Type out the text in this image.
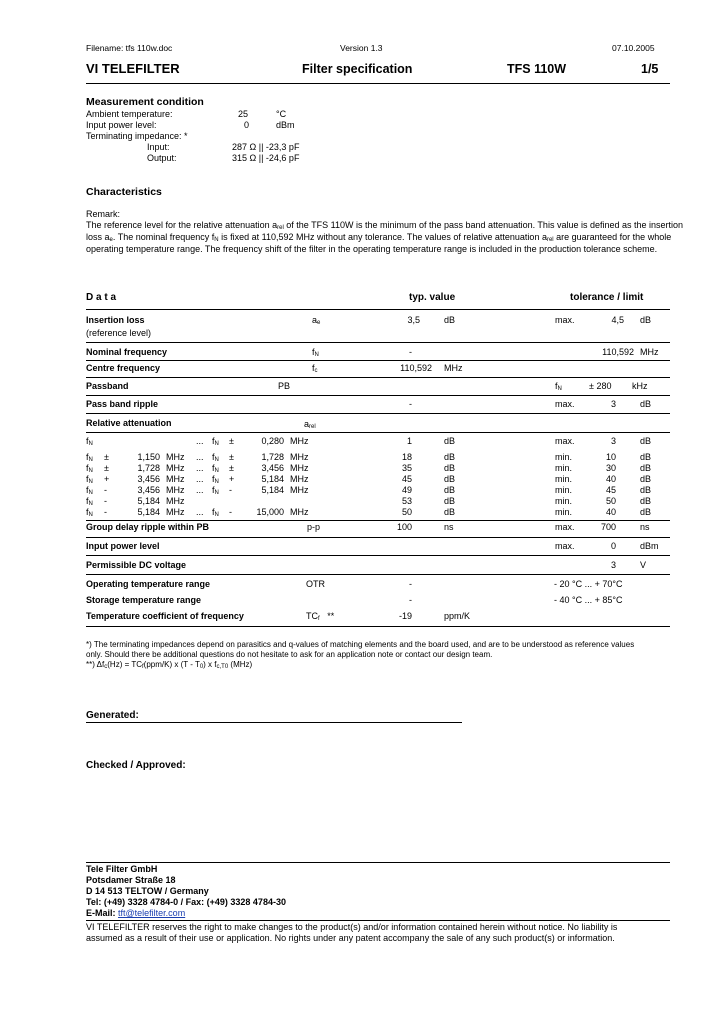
Filename: tfs 110w.doc	Version 1.3	07.10.2005
VI TELEFILTER	Filter specification	TFS 110W	1/5
Measurement condition
Ambient temperature:	25	°C
Input power level:	0	dBm
Terminating impedance: *
Input:	287 Ω || -23,3 pF
Output:	315 Ω || -24,6 pF
Characteristics
Remark:
The reference level for the relative attenuation $a_{rel}$ of the TFS 110W is the minimum of the pass band attenuation. This value is defined as the insertion
loss $a_e$. The nominal frequency $f_N$ is fixed at 110,592 MHz without any tolerance. The values of relative attenuation $a_{rel}$ are guaranteed for the whole
operating temperature range. The frequency shift of the filter in the operating temperature range is included in the production tolerance scheme.
D a t a	typ. value	tolerance / limit
Insertion loss
(reference level)
$a_e$	3,5	dB	max.	4,5 dB
Nominal frequency	$f_N$	-	110,592 MHz
Centre frequency	$f_c$	110,592 MHz
Passband	PB	$f_N$	± 280 kHz
Pass band ripple	-	max.	3	dB
Relative attenuation	$a_{rel}$
$f_N$	... $f_N$ ±	0,280 MHz	1	dB	max.	3	dB
$f_N$ ±	1,150 MHz ... $f_N$ ±	1,728 MHz	18	dB	min.	10	dB
$f_N$ ±	1,728 MHz ... $f_N$ ±	3,456 MHz	35	dB	min.	30	dB
$f_N$ +	3,456 MHz ... $f_N$ +	5,184 MHz	45	dB	min.	40	dB
$f_N$ -	3,456 MHz ... $f_N$ -	5,184 MHz	49	dB	min.	45	dB
$f_N$ -	5,184 MHz	53	dB	min.	50	dB
$f_N$ -	5,184 MHz ... $f_N$ -	15,000 MHz	50	dB	min.	40	dB
Group delay ripple within PB	p-p	100	ns	max.	700	ns
Input power level	max.	0	dBm
Permissible DC voltage	3	V
Operating temperature range	OTR	-	- 20 °C ... + 70°C
Storage temperature range	-	- 40 °C ... + 85°C
Temperature coefficient of frequency	$TC_f$ **	-19	ppm/K
*) The terminating impedances depend on parasitics and q-values of matching elements and the board used, and are to be understood as reference values
only. Should there be additional questions do not hesitate to ask for an application note or contact our design team.
**) $\Delta f_c(Hz) = TC_f(ppm/K)$ x $(T - T_0)$ x $f_{c,T0}$ (MHz)
Generated:
Checked / Approved:
Tele Filter GmbH
Potsdamer Straße 18
D 14 513 TELTOW / Germany
Tel: (+49) 3328 4784-0 / Fax: (+49) 3328 4784-30
E-Mail: tft@telefilter.com
VI TELEFILTER reserves the right to make changes to the product(s) and/or information contained herein without notice. No liability is
assumed as a result of their use or application. No rights under any patent accompany the sale of any such product(s) or information.
